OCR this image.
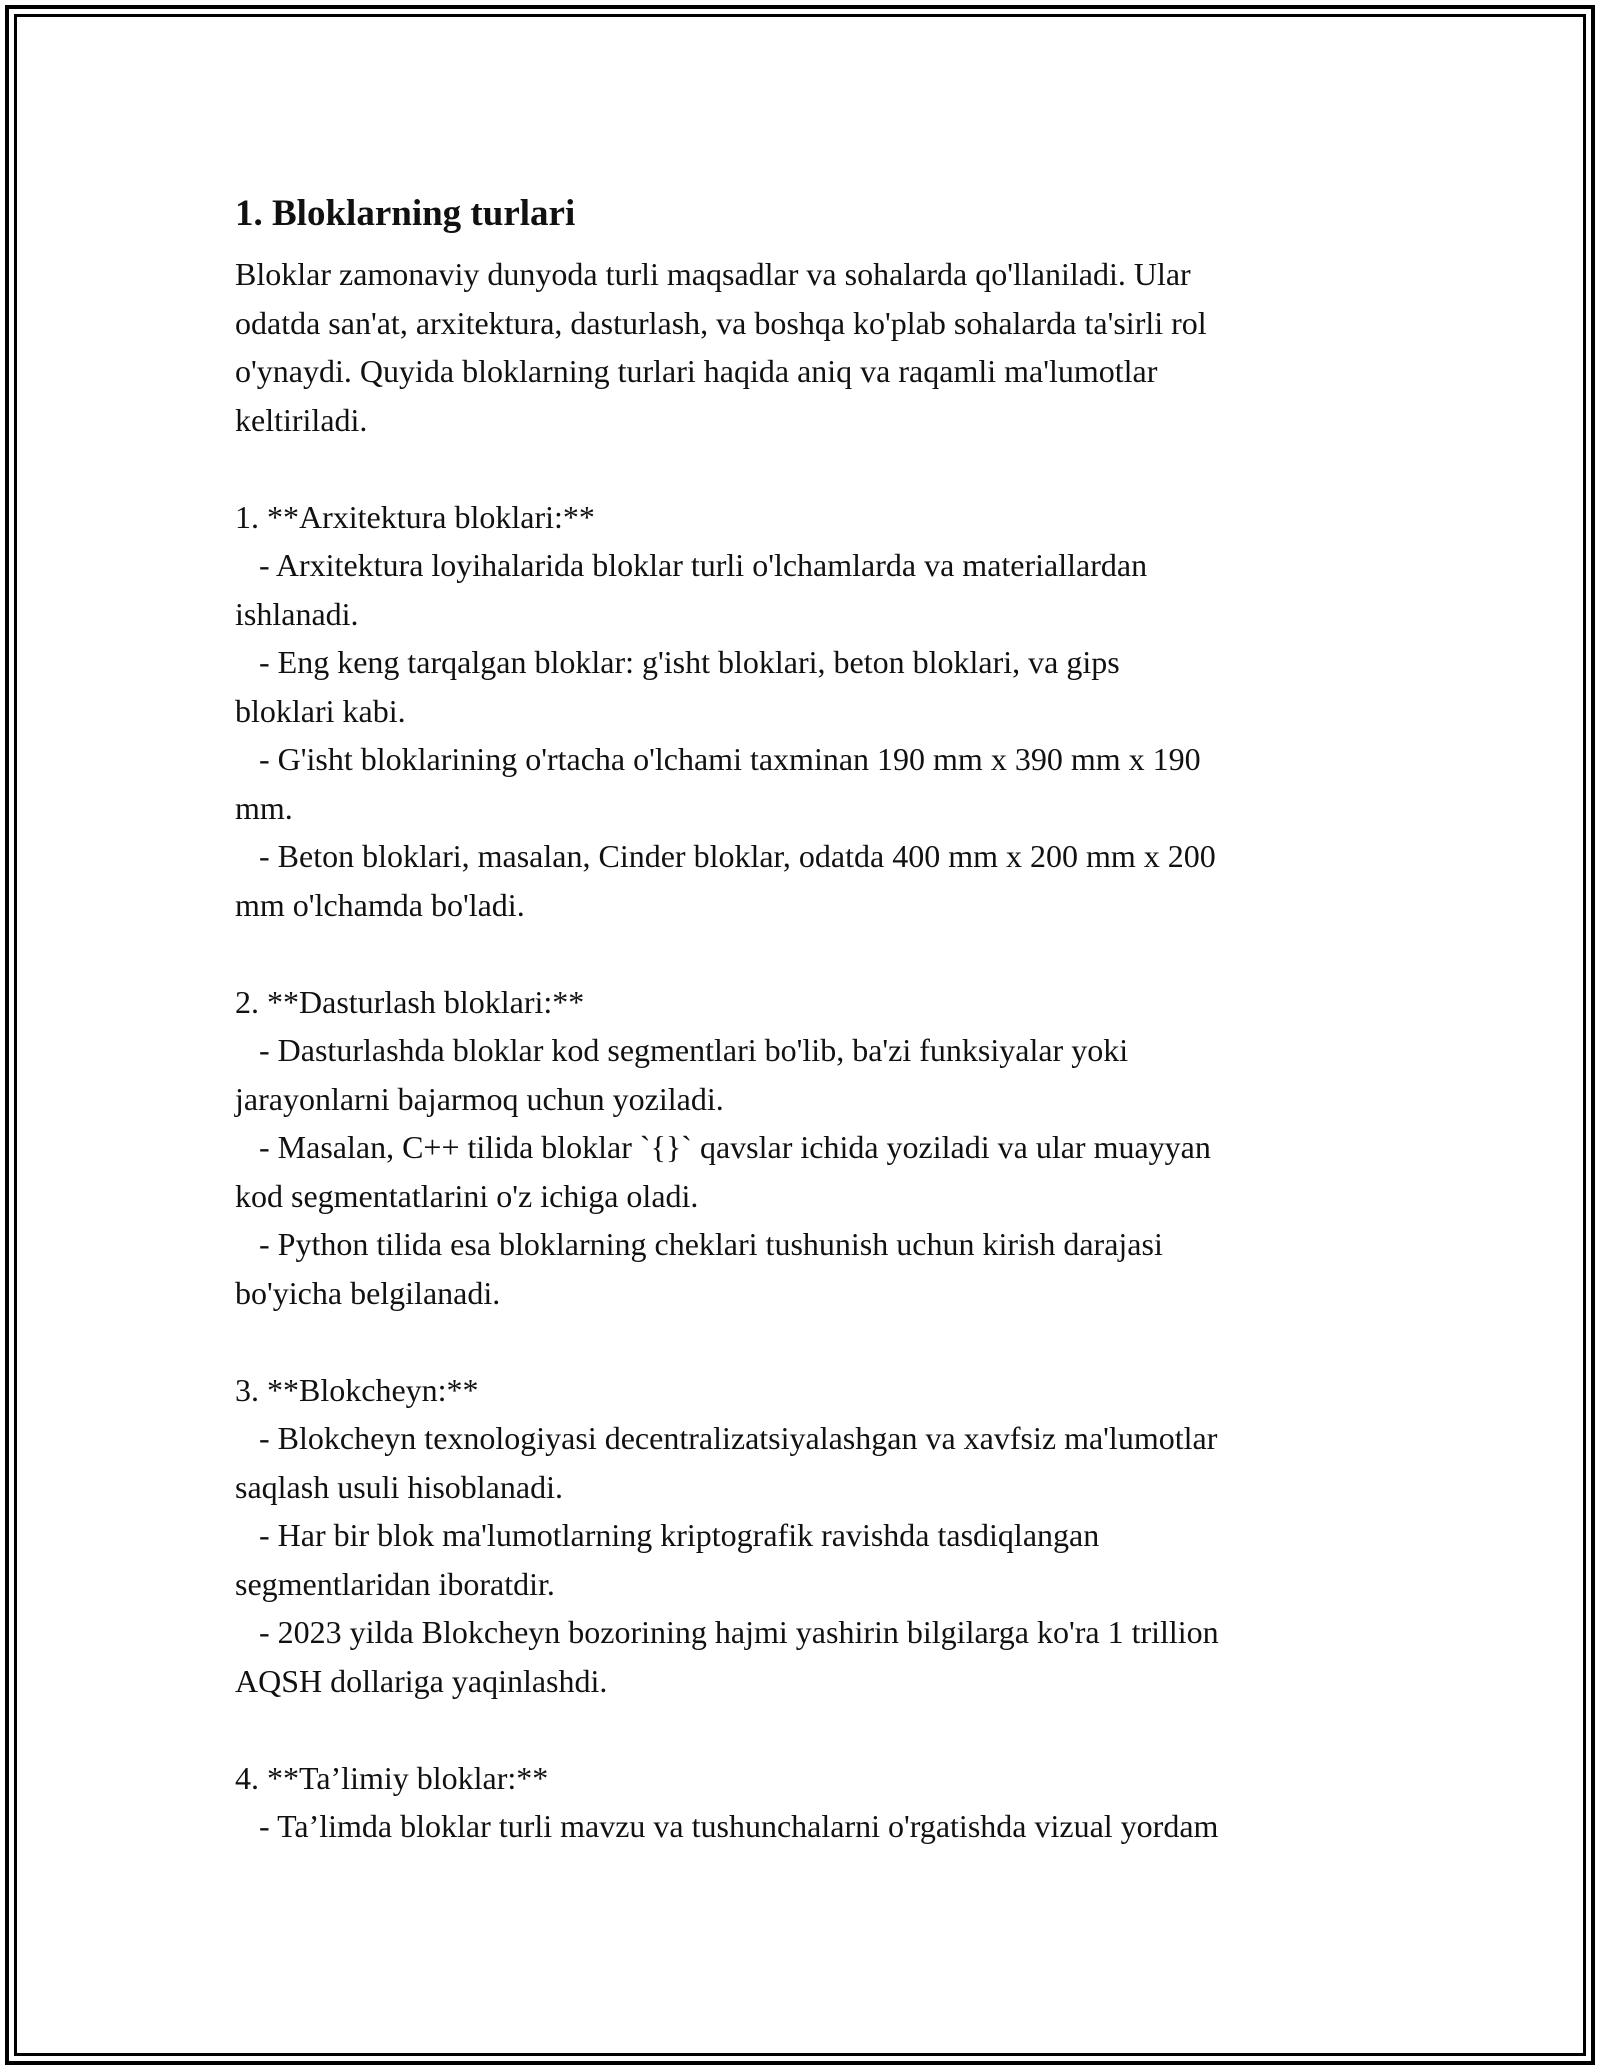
1. Bloklarning turlari
Bloklar zamonaviy dunyoda turli maqsadlar va sohalarda qo'llaniladi. Ular
odatda san'at, arxitektura, dasturlash, va boshqa ko'plab sohalarda ta'sirli rol
o'ynaydi. Quyida bloklarning turlari haqida aniq va raqamli ma'lumotlar
keltiriladi.
1. **Arxitektura bloklari:**
- Arxitektura loyihalarida bloklar turli o'lchamlarda va materiallardan
ishlanadi.
- Eng keng tarqalgan bloklar: g'isht bloklari, beton bloklari, va gips
bloklari kabi.
- G'isht bloklarining o'rtacha o'lchami taxminan 190 mm x 390 mm x 190
mm.
- Beton bloklari, masalan, Cinder bloklar, odatda 400 mm x 200 mm x 200
mm o'lchamda bo'ladi.
2. **Dasturlash bloklari:**
- Dasturlashda bloklar kod segmentlari bo'lib, ba'zi funksiyalar yoki
jarayonlarni bajarmoq uchun yoziladi.
- Masalan, C++ tilida bloklar `{}` qavslar ichida yoziladi va ular muayyan
kod segmentatlarini o'z ichiga oladi.
- Python tilida esa bloklarning cheklari tushunish uchun kirish darajasi
bo'yicha belgilanadi.
3. **Blokcheyn:**
- Blokcheyn texnologiyasi decentralizatsiyalashgan va xavfsiz ma'lumotlar
saqlash usuli hisoblanadi.
- Har bir blok ma'lumotlarning kriptografik ravishda tasdiqlangan
segmentlaridan iboratdir.
- 2023 yilda Blokcheyn bozorining hajmi yashirin bilgilarga ko'ra 1 trillion
AQSH dollariga yaqinlashdi.
4. **Ta’limiy bloklar:**
- Ta’limda bloklar turli mavzu va tushunchalarni o'rgatishda vizual yordam
